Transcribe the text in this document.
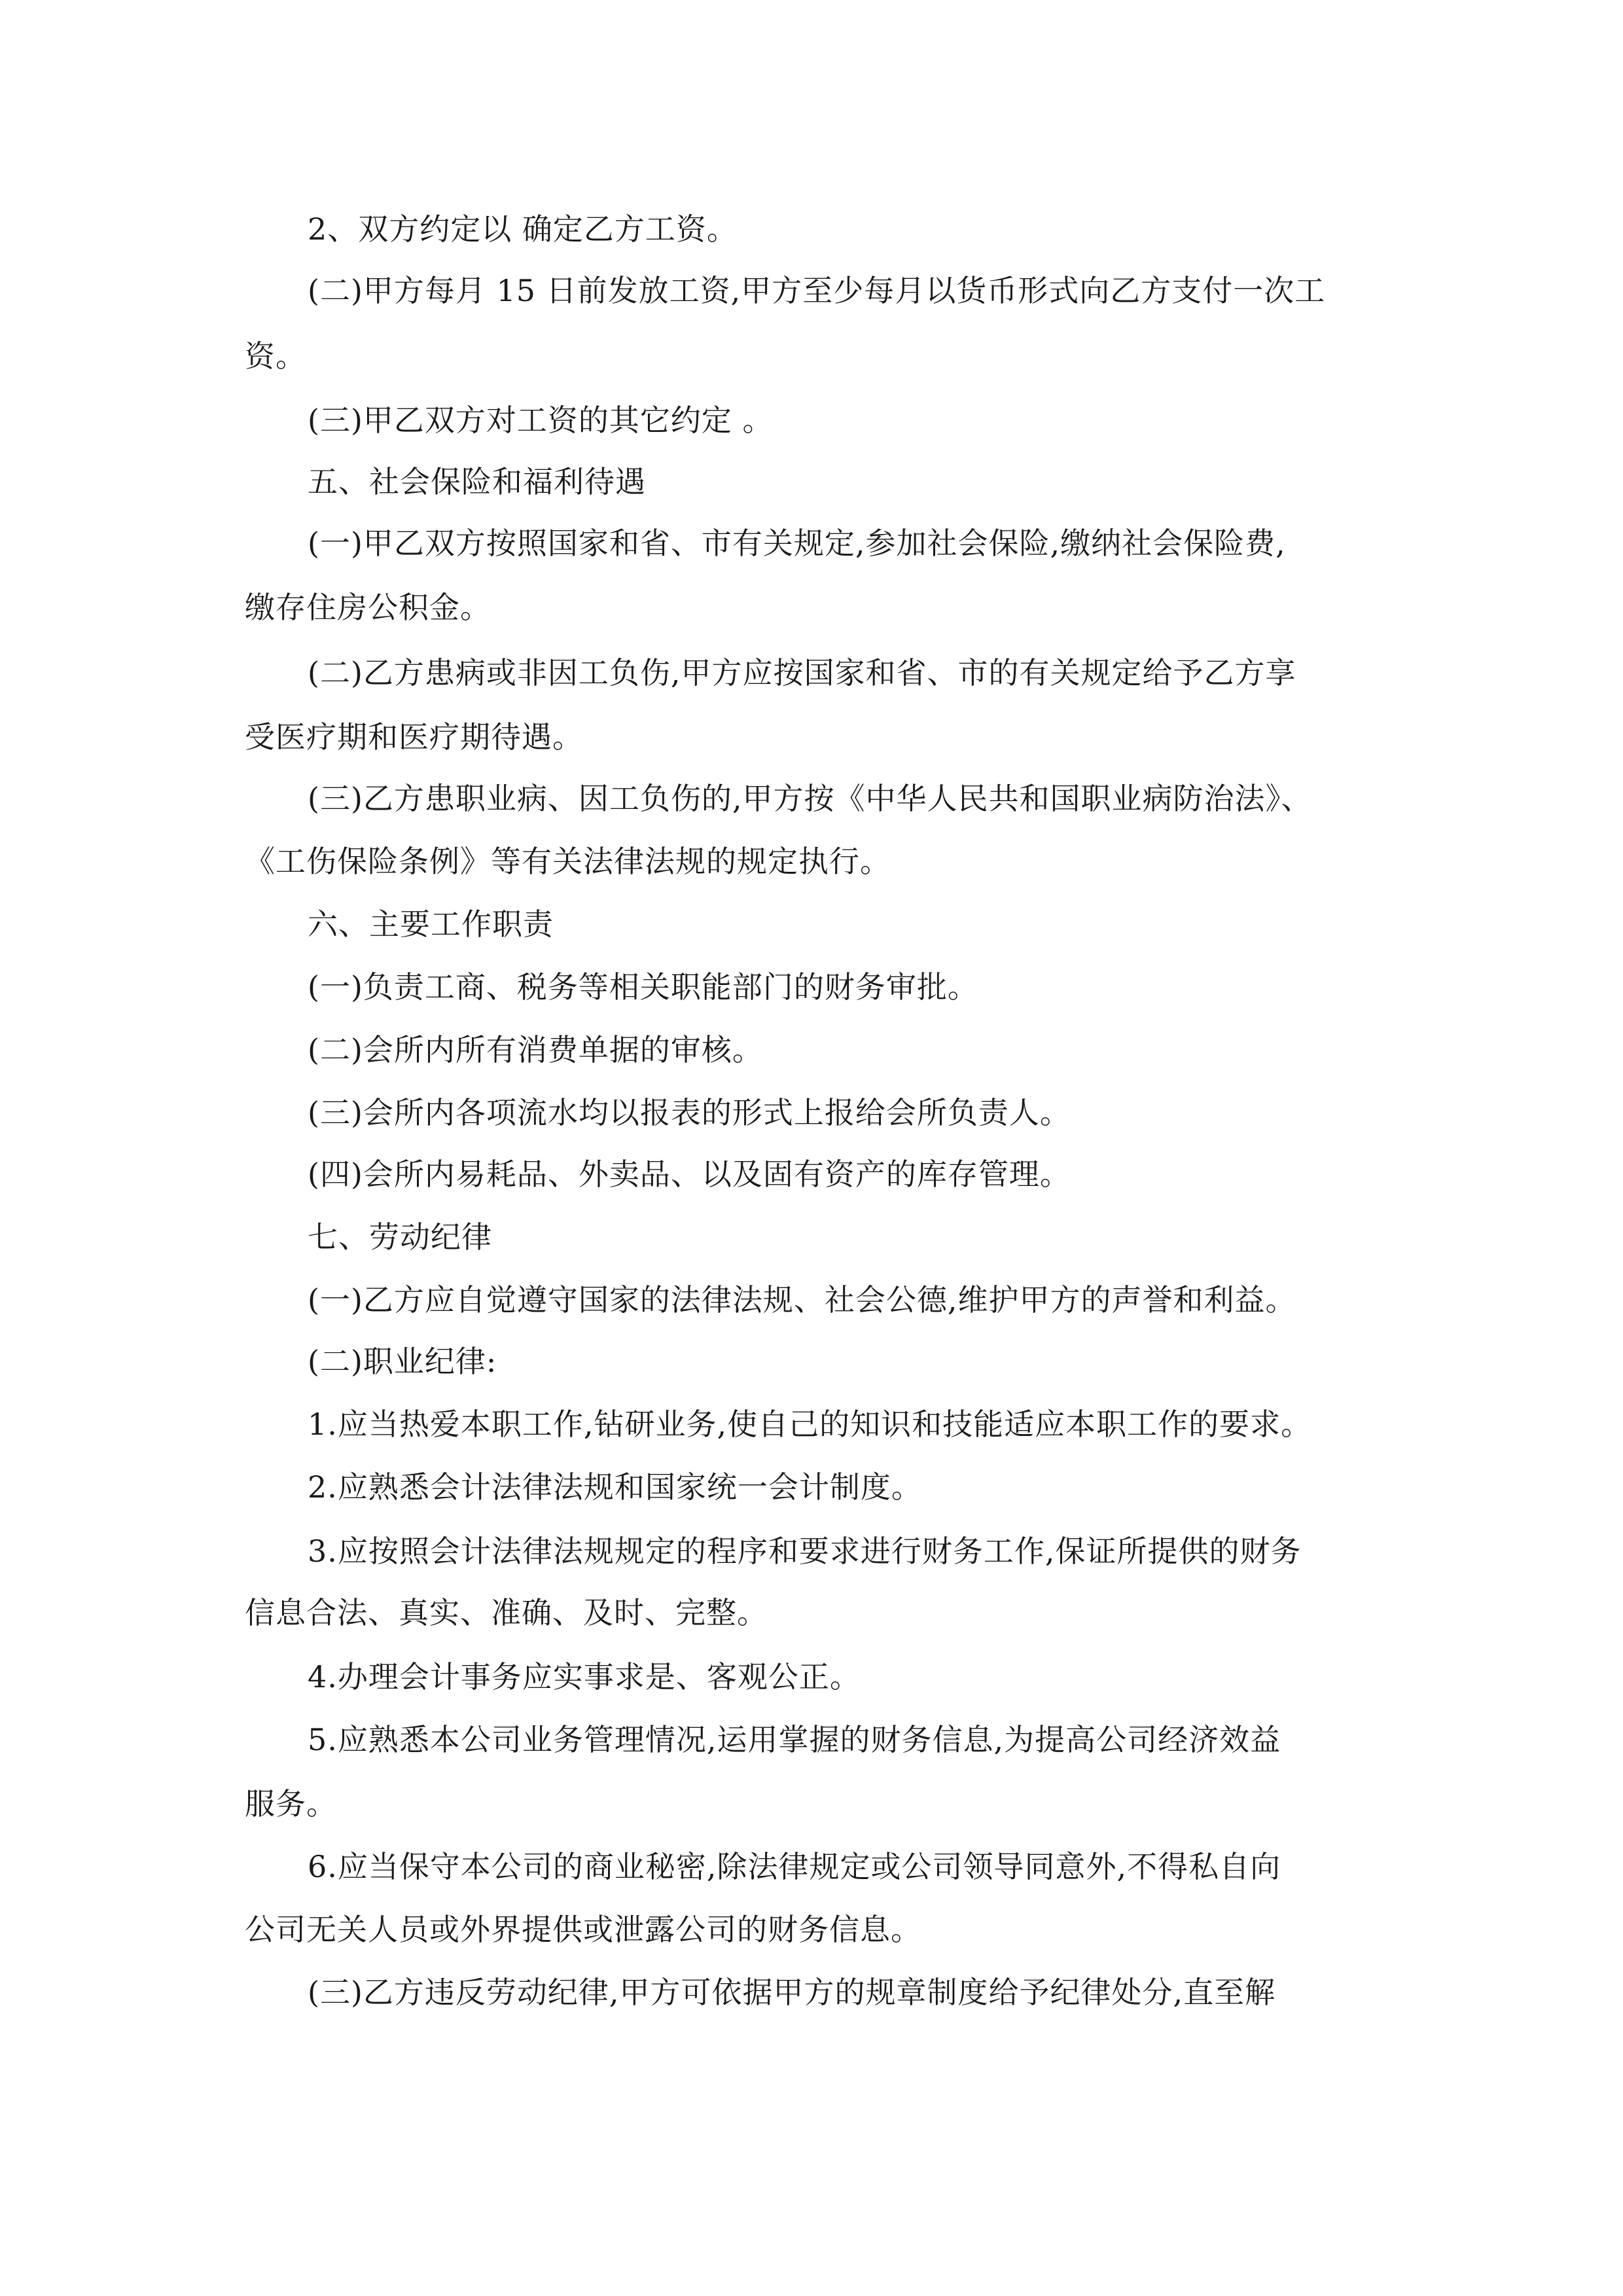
2、双方约定以 确定乙方工资。
(二)甲方每月 15 日前发放工资,甲方至少每月以货币形式向乙方支付一次工
资。
(三)甲乙双方对工资的其它约定 。
五、社会保险和福利待遇
(一)甲乙双方按照国家和省、市有关规定,参加社会保险,缴纳社会保险费,
缴存住房公积金。
(二)乙方患病或非因工负伤,甲方应按国家和省、市的有关规定给予乙方享
受医疗期和医疗期待遇。
(三)乙方患职业病、因工负伤的,甲方按《中华人民共和国职业病防治法》、
《工伤保险条例》等有关法律法规的规定执行。
六、主要工作职责
(一)负责工商、税务等相关职能部门的财务审批。
(二)会所内所有消费单据的审核。
(三)会所内各项流水均以报表的形式上报给会所负责人。
(四)会所内易耗品、外卖品、以及固有资产的库存管理。
七、劳动纪律
(一)乙方应自觉遵守国家的法律法规、社会公德,维护甲方的声誉和利益。
(二)职业纪律:
1.应当热爱本职工作,钻研业务,使自己的知识和技能适应本职工作的要求。
2.应熟悉会计法律法规和国家统一会计制度。
3.应按照会计法律法规规定的程序和要求进行财务工作,保证所提供的财务
信息合法、真实、准确、及时、完整。
4.办理会计事务应实事求是、客观公正。
5.应熟悉本公司业务管理情况,运用掌握的财务信息,为提高公司经济效益
服务。
6.应当保守本公司的商业秘密,除法律规定或公司领导同意外,不得私自向
公司无关人员或外界提供或泄露公司的财务信息。
(三)乙方违反劳动纪律,甲方可依据甲方的规章制度给予纪律处分,直至解
